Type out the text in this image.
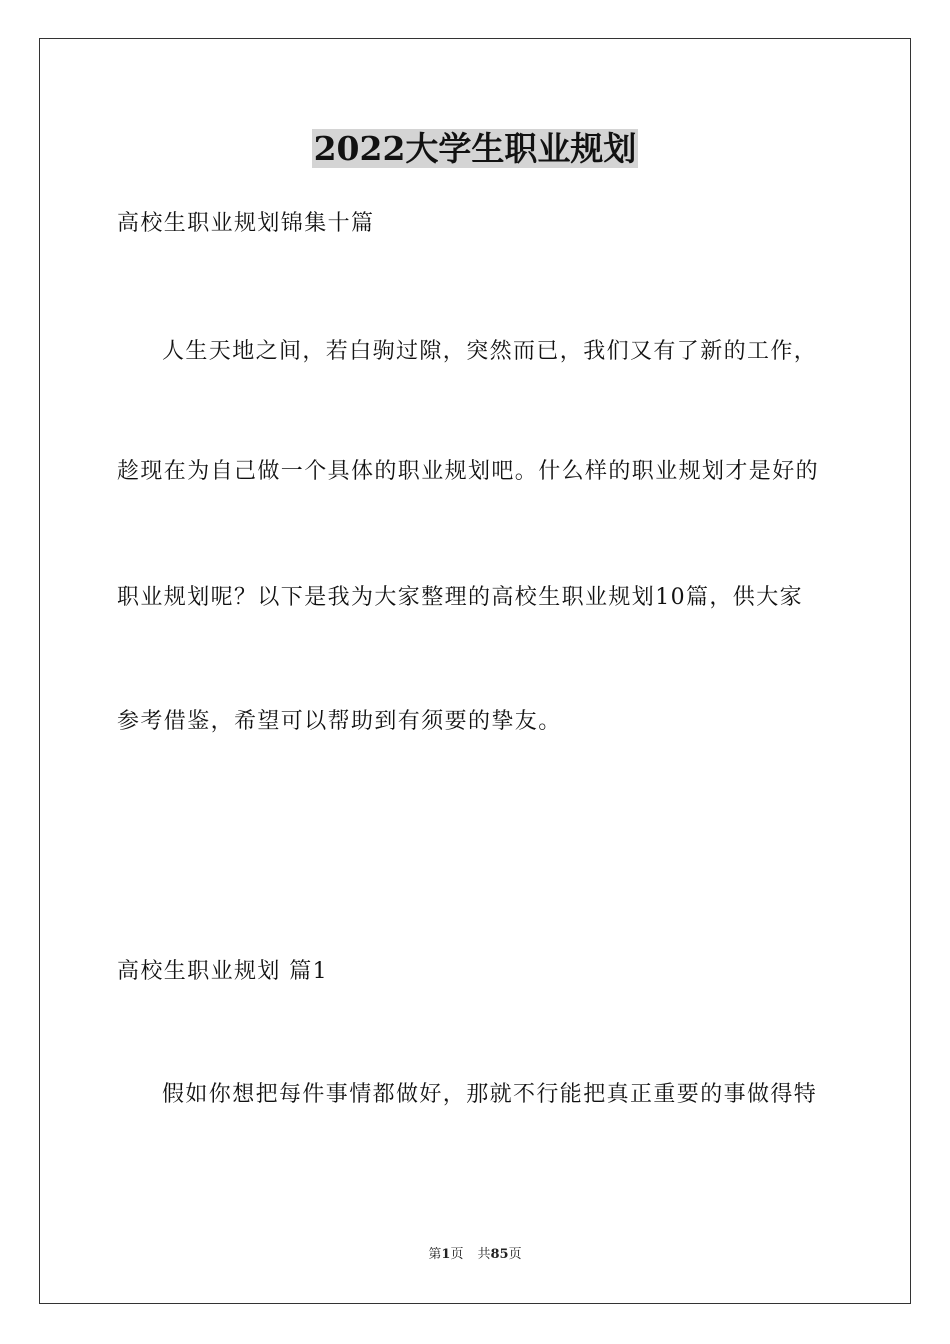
2022大学生职业规划
高校生职业规划锦集十篇
人生天地之间，若白驹过隙，突然而已，我们又有了新的工作，
趁现在为自己做一个具体的职业规划吧。什么样的职业规划才是好的
职业规划呢？以下是我为大家整理的高校生职业规划10篇，供大家
参考借鉴，希望可以帮助到有须要的挚友。
高校生职业规划 篇1
假如你想把每件事情都做好，那就不行能把真正重要的事做得特
第1页 共85页
